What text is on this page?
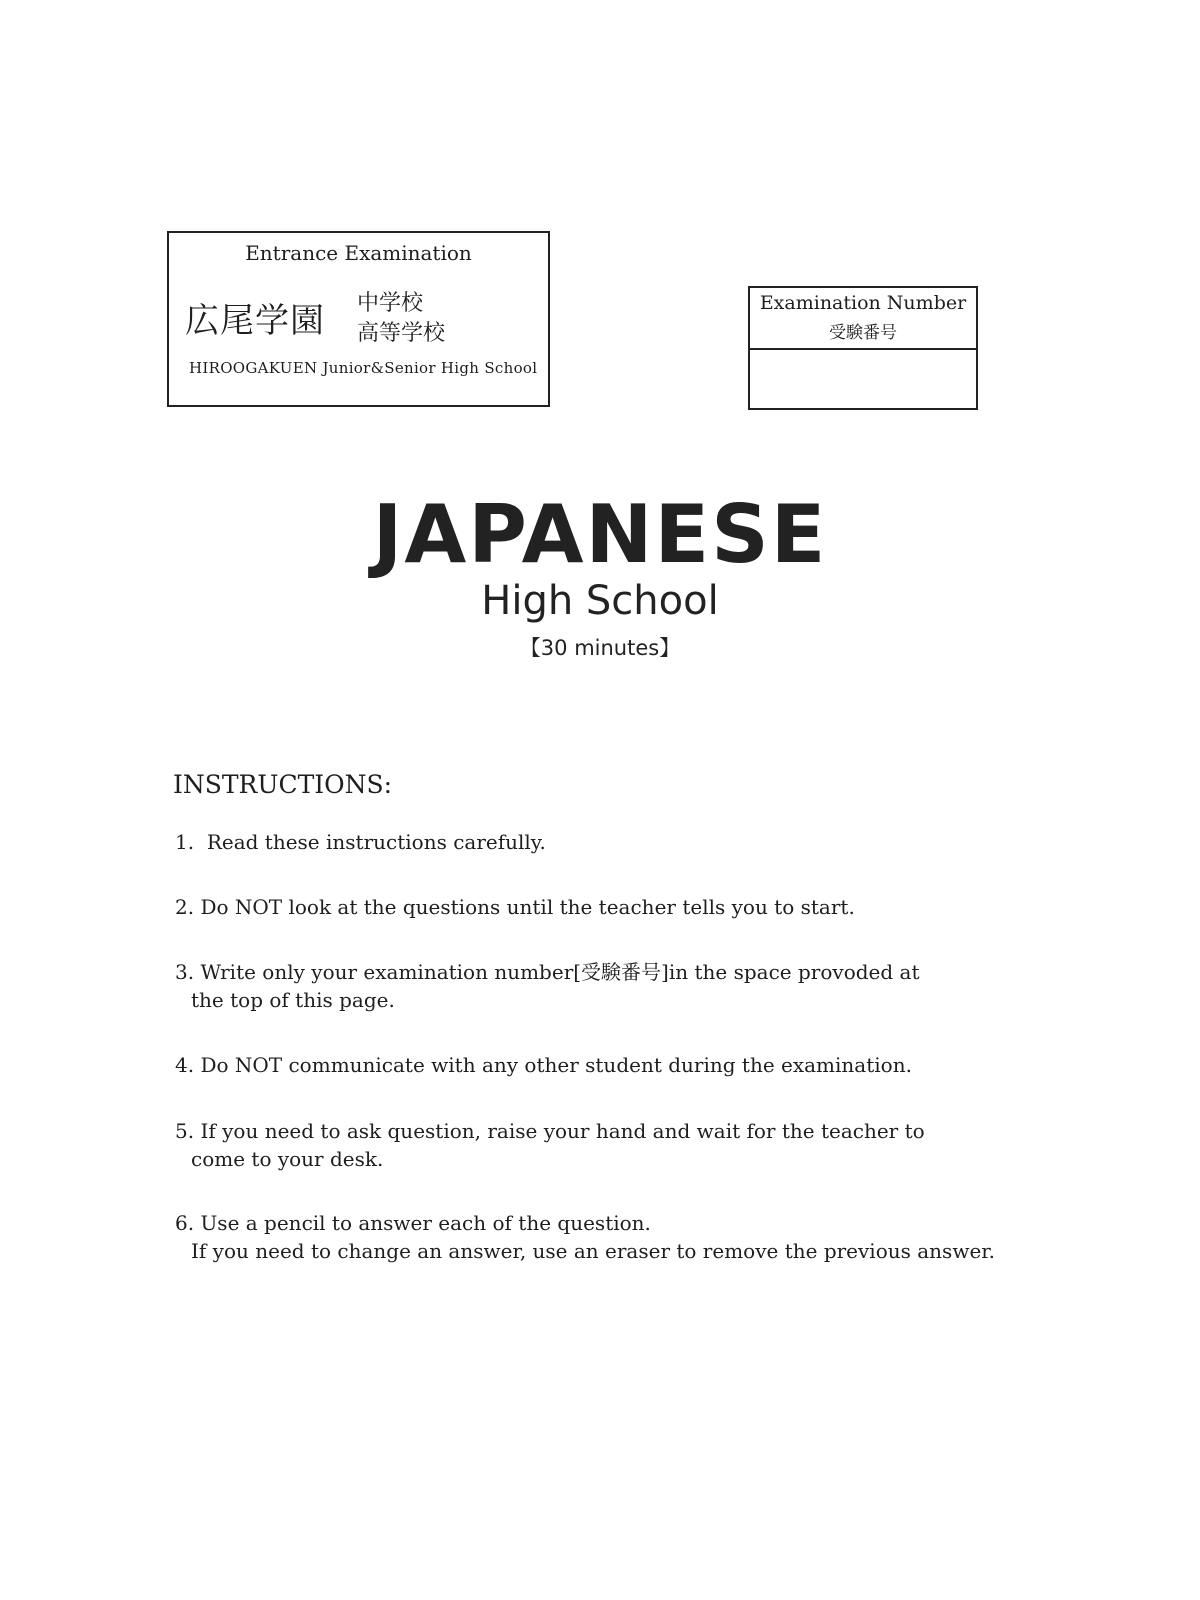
Entrance Examination
広尾学園 中学校
高等学校
HIROOGAKUEN Junior&Senior High School
Examination Number
受験番号
JAPANESE
High School
【30 minutes】
INSTRUCTIONS:
1. Read these instructions carefully.
2. Do NOT look at the questions until the teacher tells you to start.
3. Write only your examination number[受験番号]in the space provoded at
the top of this page.
4. Do NOT communicate with any other student during the examination.
5. If you need to ask question, raise your hand and wait for the teacher to
come to your desk.
6. Use a pencil to answer each of the question.
If you need to change an answer, use an eraser to remove the previous answer.
